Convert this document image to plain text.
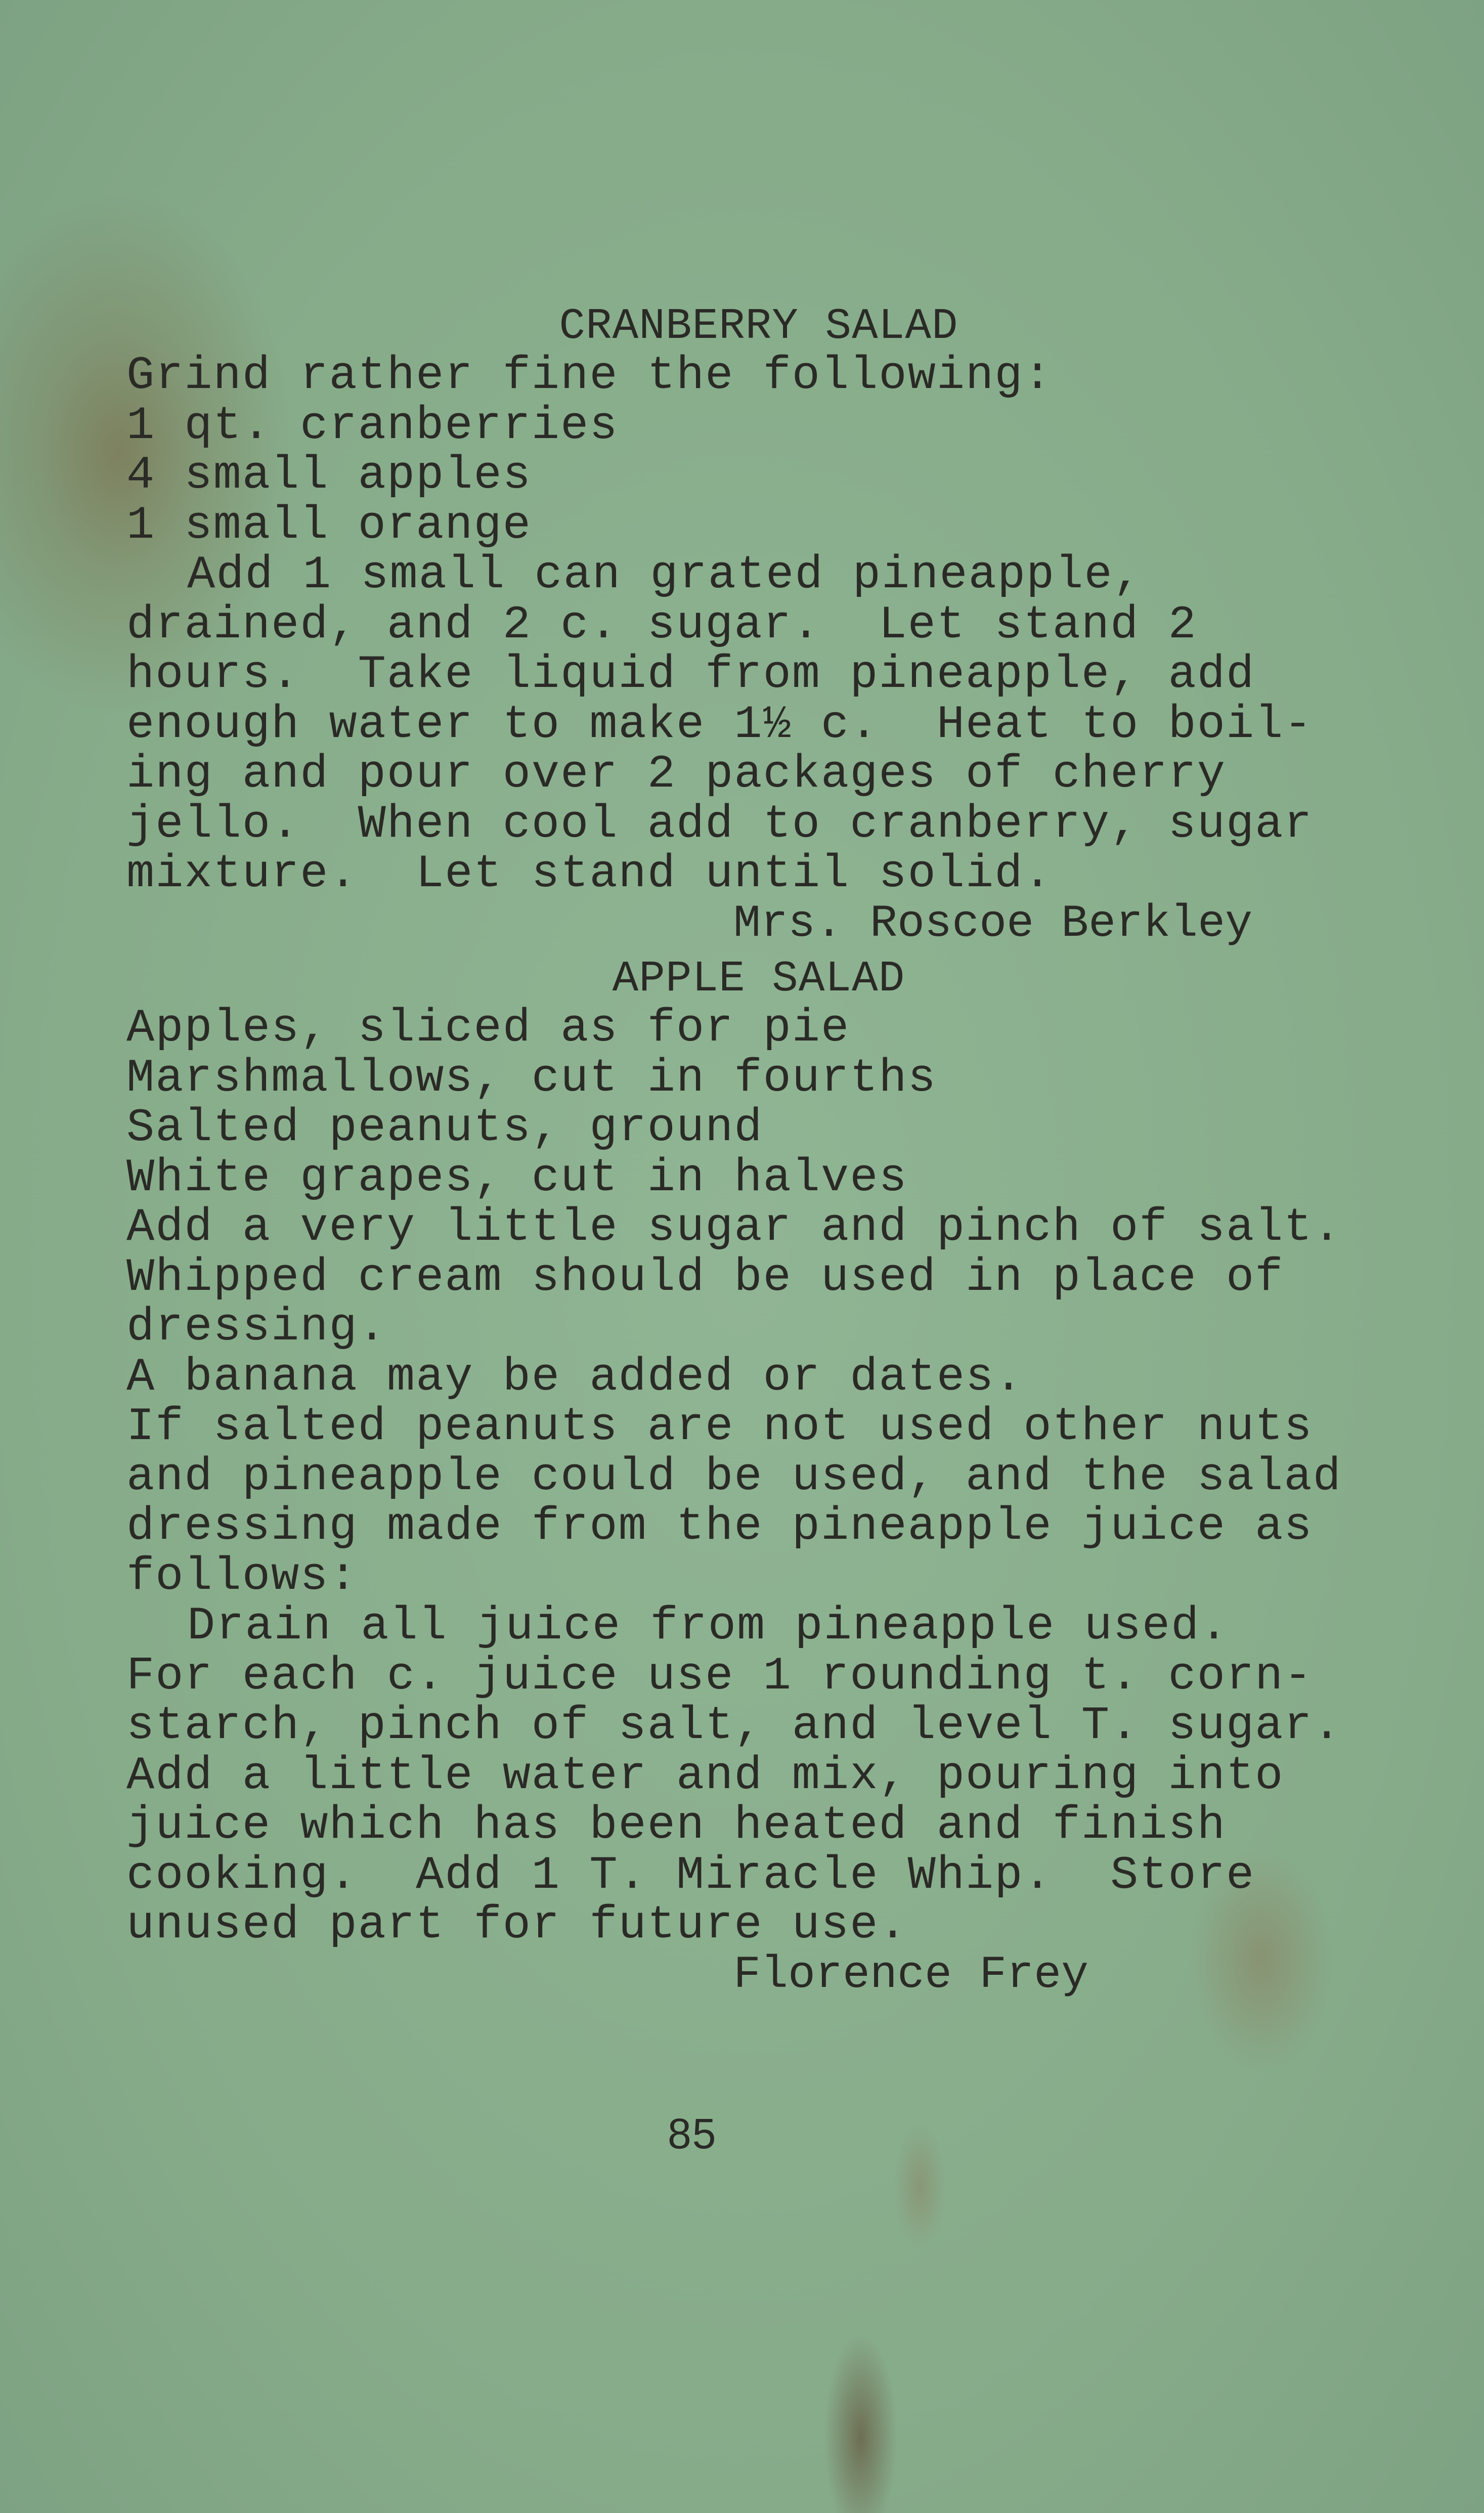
CRANBERRY SALAD
Grind rather fine the following:
1 qt. cranberries
4 small apples
1 small orange
Add 1 small can grated pineapple,
drained, and 2 c. sugar.  Let stand 2
hours.  Take liquid from pineapple, add
enough water to make 1½ c.  Heat to boil-
ing and pour over 2 packages of cherry
jello.  When cool add to cranberry, sugar
mixture.  Let stand until solid.
Mrs. Roscoe Berkley
APPLE SALAD
Apples, sliced as for pie
Marshmallows, cut in fourths
Salted peanuts, ground
White grapes, cut in halves
Add a very little sugar and pinch of salt.
Whipped cream should be used in place of
dressing.
A banana may be added or dates.
If salted peanuts are not used other nuts
and pineapple could be used, and the salad
dressing made from the pineapple juice as
follows:
Drain all juice from pineapple used.
For each c. juice use 1 rounding t. corn-
starch, pinch of salt, and level T. sugar.
Add a little water and mix, pouring into
juice which has been heated and finish
cooking.  Add 1 T. Miracle Whip.  Store
unused part for future use.
Florence Frey
85
